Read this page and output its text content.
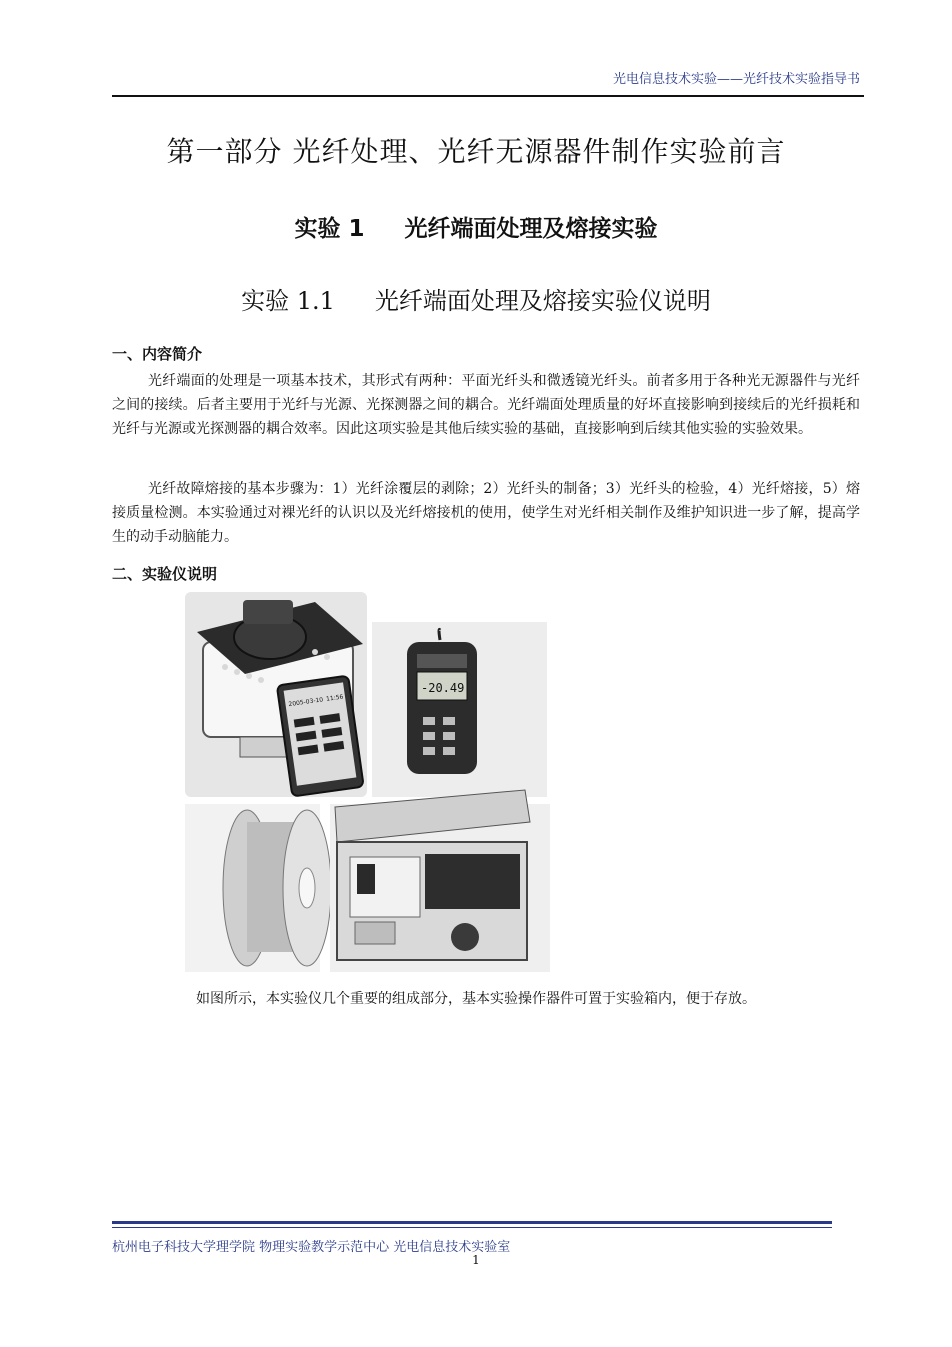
光电信息技术实验——光纤技术实验指导书
第一部分 光纤处理、光纤无源器件制作实验前言
实验 1 光纤端面处理及熔接实验
实验 1.1 光纤端面处理及熔接实验仪说明
一、内容简介

光纤端面的处理是一项基本技术，其形式有两种：平面光纤头和微透镜光纤头。前者多用于各种光无源器件与光纤之间的接续。后者主要用于光纤与光源、光探测器之间的耦合。光纤端面处理质量的好坏直接影响到接续后的光纤损耗和光纤与光源或光探测器的耦合效率。因此这项实验是其他后续实验的基础，直接影响到后续其他实验的实验效果。

光纤故障熔接的基本步骤为：1）光纤涂覆层的剥除；2）光纤头的制备；3）光纤头的检验，4）光纤熔接，5）熔接质量检测。本实验通过对裸光纤的认识以及光纤熔接机的使用，使学生对光纤相关制作及维护知识进一步了解，提高学生的动手动脑能力。

二、实验仪说明
2005-03-10 11:56
-20.49
如图所示，本实验仪几个重要的组成部分，基本实验操作器件可置于实验箱内，便于存放。
杭州电子科技大学理学院 物理实验教学示范中心 光电信息技术实验室
1
